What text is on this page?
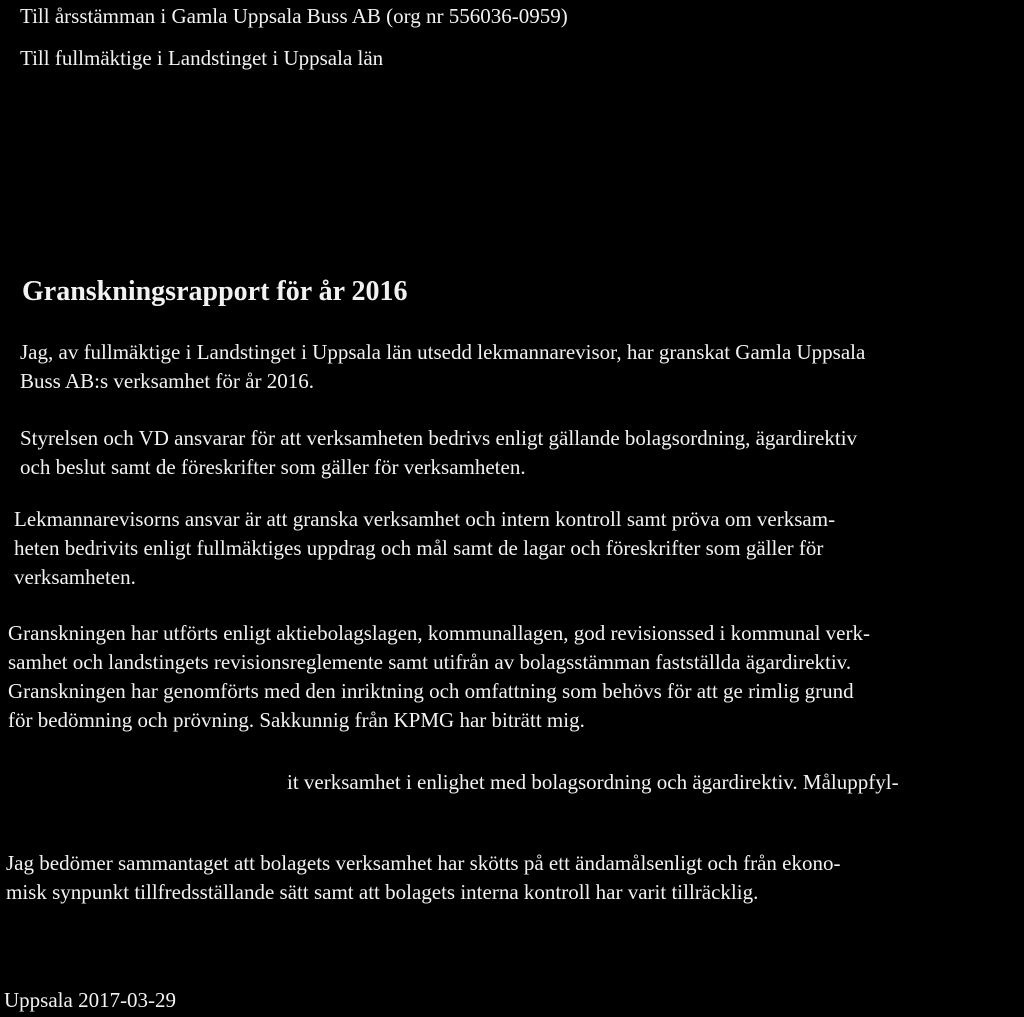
Till årsstämman i Gamla Uppsala Buss AB (org nr 556036-0959)
Till fullmäktige i Landstinget i Uppsala län
Granskningsrapport för år 2016
Jag, av fullmäktige i Landstinget i Uppsala län utsedd lekmannarevisor, har granskat Gamla Uppsala
Buss AB:s verksamhet för år 2016.
Styrelsen och VD ansvarar för att verksamheten bedrivs enligt gällande bolagsordning, ägardirektiv
och beslut samt de föreskrifter som gäller för verksamheten.
Lekmannarevisorns ansvar är att granska verksamhet och intern kontroll samt pröva om verksam-
heten bedrivits enligt fullmäktiges uppdrag och mål samt de lagar och föreskrifter som gäller för
verksamheten.
Granskningen har utförts enligt aktiebolagslagen, kommunallagen, god revisionssed i kommunal verk-
samhet och landstingets revisionsreglemente samt utifrån av bolagsstämman fastställda ägardirektiv.
Granskningen har genomförts med den inriktning och omfattning som behövs för att ge rimlig grund
för bedömning och prövning. Sakkunnig från KPMG har biträtt mig.
it verksamhet i enlighet med bolagsordning och ägardirektiv. Måluppfyl-
Jag bedömer sammantaget att bolagets verksamhet har skötts på ett ändamålsenligt och från ekono-
misk synpunkt tillfredsställande sätt samt att bolagets interna kontroll har varit tillräcklig.
Uppsala 2017-03-29
